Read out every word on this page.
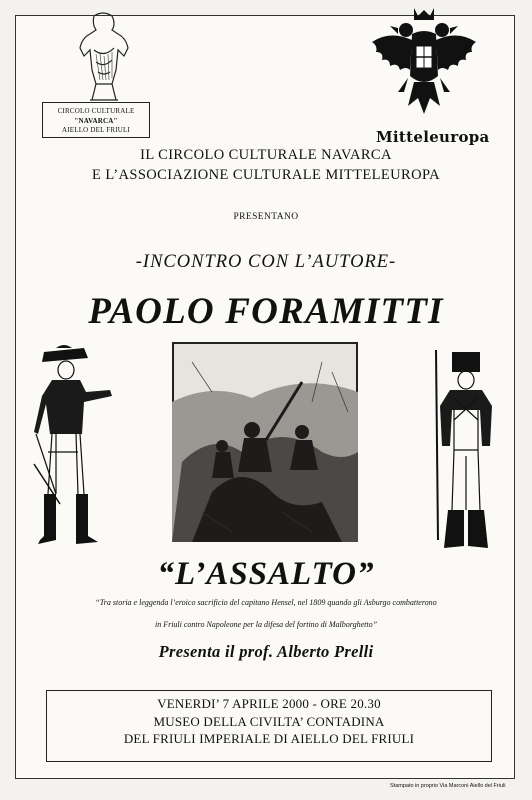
CIRCOLO CULTURALE
"NAVARCA"
AIELLO DEL FRIULI	Mitteleuropa
IL CIRCOLO CULTURALE NAVARCA
E L’ASSOCIAZIONE CULTURALE MITTELEUROPA
PRESENTANO
-INCONTRO CON L’AUTORE-
PAOLO FORAMITTI
“L’ASSALTO”
“Tra storia e leggenda l’eroico sacrificio del capitano Hensel, nel 1809 quando gli Asburgo combatterono
in Friuli contro Napoleone per la difesa del fortino di Malborghetto”
Presenta il prof. Alberto Prelli
VENERDI’ 7 APRILE 2000 - ORE 20.30
MUSEO DELLA CIVILTA’ CONTADINA
DEL FRIULI IMPERIALE DI AIELLO DEL FRIULI
Stampato in proprio Via Marconi Aiello del Friuli
